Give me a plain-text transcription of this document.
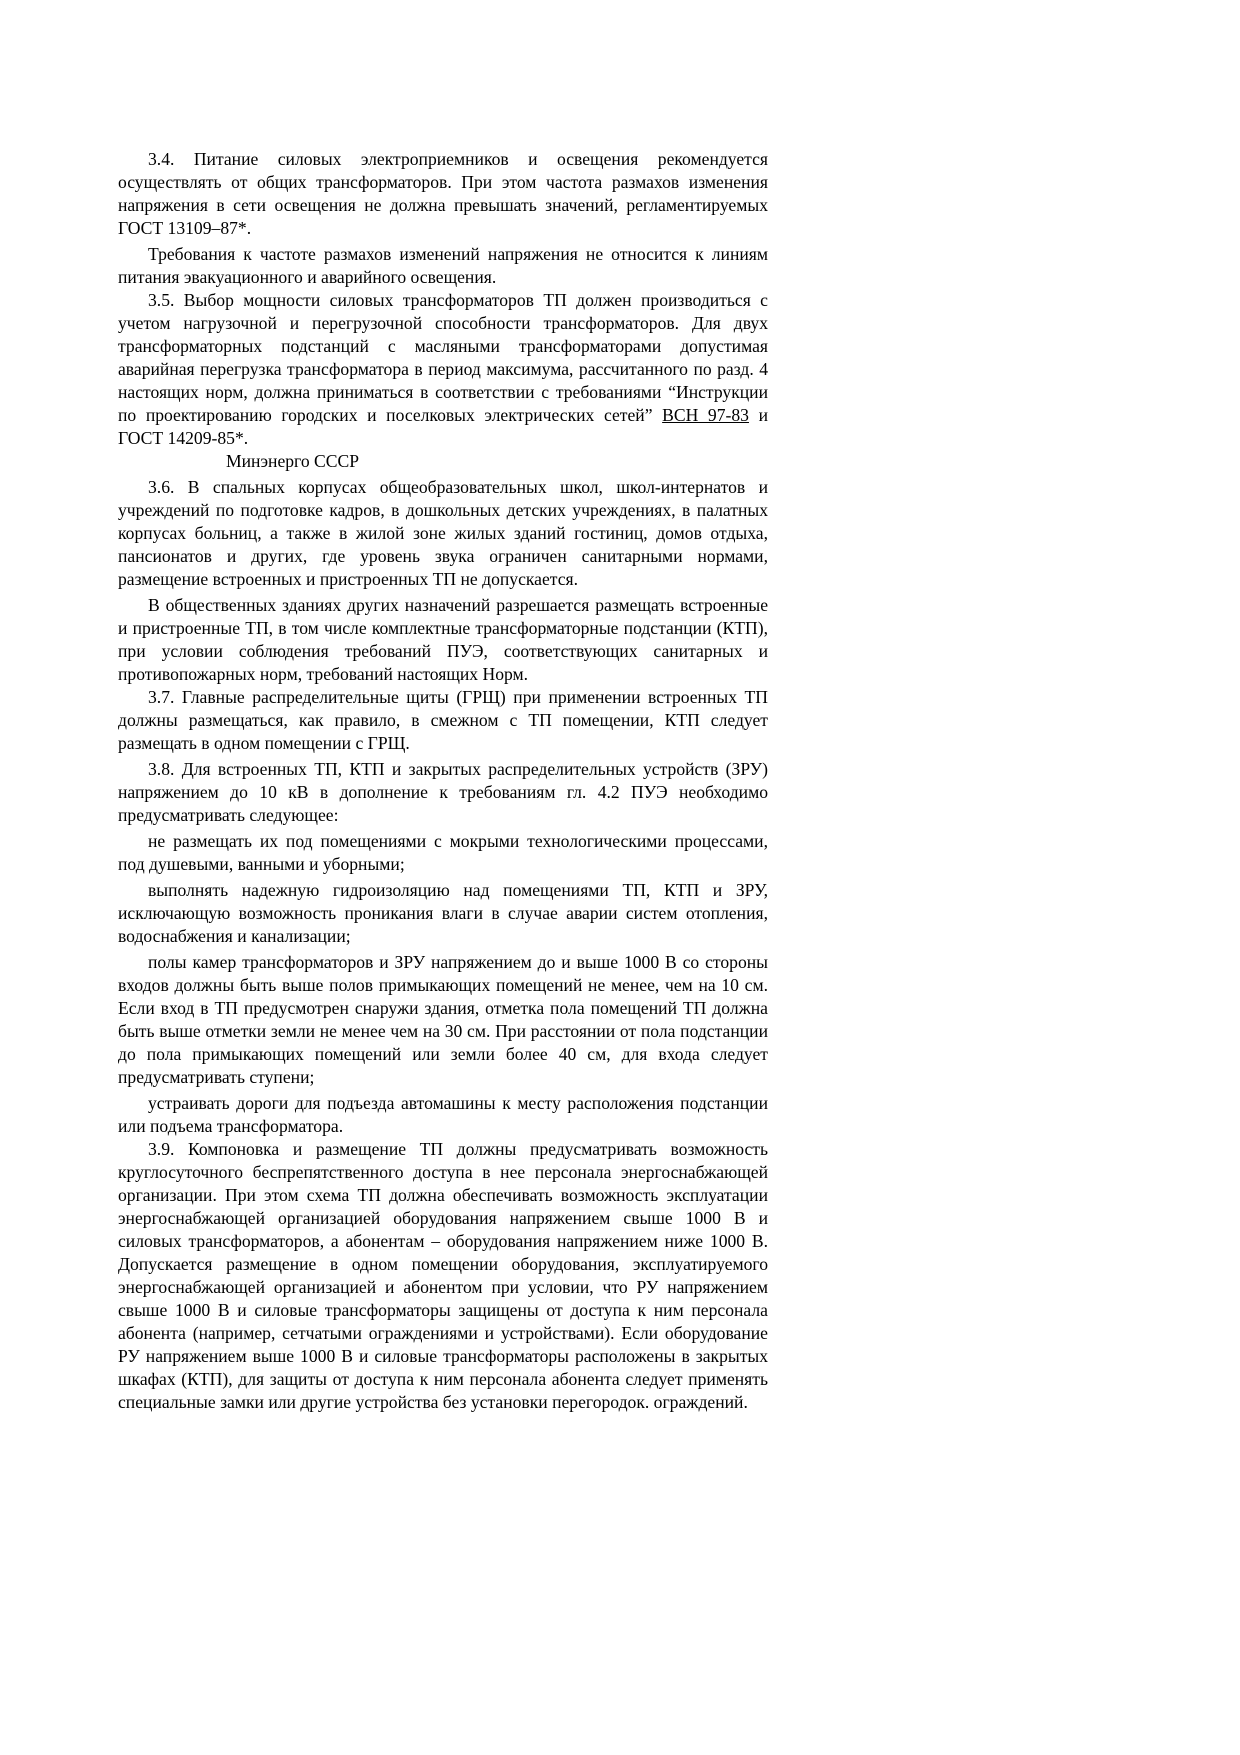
3.4. Питание силовых электроприемников и освещения рекомендуется осуществлять от общих трансформаторов. При этом частота размахов изменения напряжения в сети освещения не должна превышать значений, регламентируемых ГОСТ 13109–87*.

Требования к частоте размахов изменений напряжения не относится к линиям питания эвакуационного и аварийного освещения.

3.5. Выбор мощности силовых трансформаторов ТП должен производиться с учетом нагрузочной и перегрузочной способности трансформаторов. Для двух трансформаторных подстанций с масляными трансформаторами допустимая аварийная перегрузка трансформатора в период максимума, рассчитанного по разд. 4 настоящих норм, должна приниматься в соответствии с требованиями “Инструкции по проектированию городских и поселковых электрических сетей” ВСН 97-83 и ГОСТ 14209-85*.

Минэнерго СССР

3.6. В спальных корпусах общеобразовательных школ, школ-интернатов и учреждений по подготовке кадров, в дошкольных детских учреждениях, в палатных корпусах больниц, а также в жилой зоне жилых зданий гостиниц, домов отдыха, пансионатов и других, где уровень звука ограничен санитарными нормами, размещение встроенных и пристроенных ТП не допускается.

В общественных зданиях других назначений разрешается размещать встроенные и пристроенные ТП, в том числе комплектные трансформаторные подстанции (КТП), при условии соблюдения требований ПУЭ, соответствующих санитарных и противопожарных норм, требований настоящих Норм.

3.7. Главные распределительные щиты (ГРЩ) при применении встроенных ТП должны размещаться, как правило, в смежном с ТП помещении, КТП следует размещать в одном помещении с ГРЩ.

3.8. Для встроенных ТП, КТП и закрытых распределительных устройств (ЗРУ) напряжением до 10 кВ в дополнение к требованиям гл. 4.2 ПУЭ необходимо предусматривать следующее:

не размещать их под помещениями с мокрыми технологическими процессами, под душевыми, ванными и уборными;

выполнять надежную гидроизоляцию над помещениями ТП, КТП и ЗРУ, исключающую возможность проникания влаги в случае аварии систем отопления, водоснабжения и канализации;

полы камер трансформаторов и ЗРУ напряжением до и выше 1000 В со стороны входов должны быть выше полов примыкающих помещений не менее, чем на 10 см. Если вход в ТП предусмотрен снаружи здания, отметка пола помещений ТП должна быть выше отметки земли не менее чем на 30 см. При расстоянии от пола подстанции до пола примыкающих помещений или земли более 40 см, для входа следует предусматривать ступени;

устраивать дороги для подъезда автомашины к месту расположения подстанции или подъема трансформатора.

3.9. Компоновка и размещение ТП должны предусматривать возможность круглосуточного беспрепятственного доступа в нее персонала энергоснабжающей организации. При этом схема ТП должна обеспечивать возможность эксплуатации энергоснабжающей организацией оборудования напряжением свыше 1000 В и силовых трансформаторов, а абонентам – оборудования напряжением ниже 1000 В. Допускается размещение в одном помещении оборудования, эксплуатируемого энергоснабжающей организацией и абонентом при условии, что РУ напряжением свыше 1000 В и силовые трансформаторы защищены от доступа к ним персонала абонента (например, сетчатыми ограждениями и устройствами). Если оборудование РУ напряжением выше 1000 В и силовые трансформаторы расположены в закрытых шкафах (КТП), для защиты от доступа к ним персонала абонента следует применять специальные замки или другие устройства без установки перегородок. ограждений.
